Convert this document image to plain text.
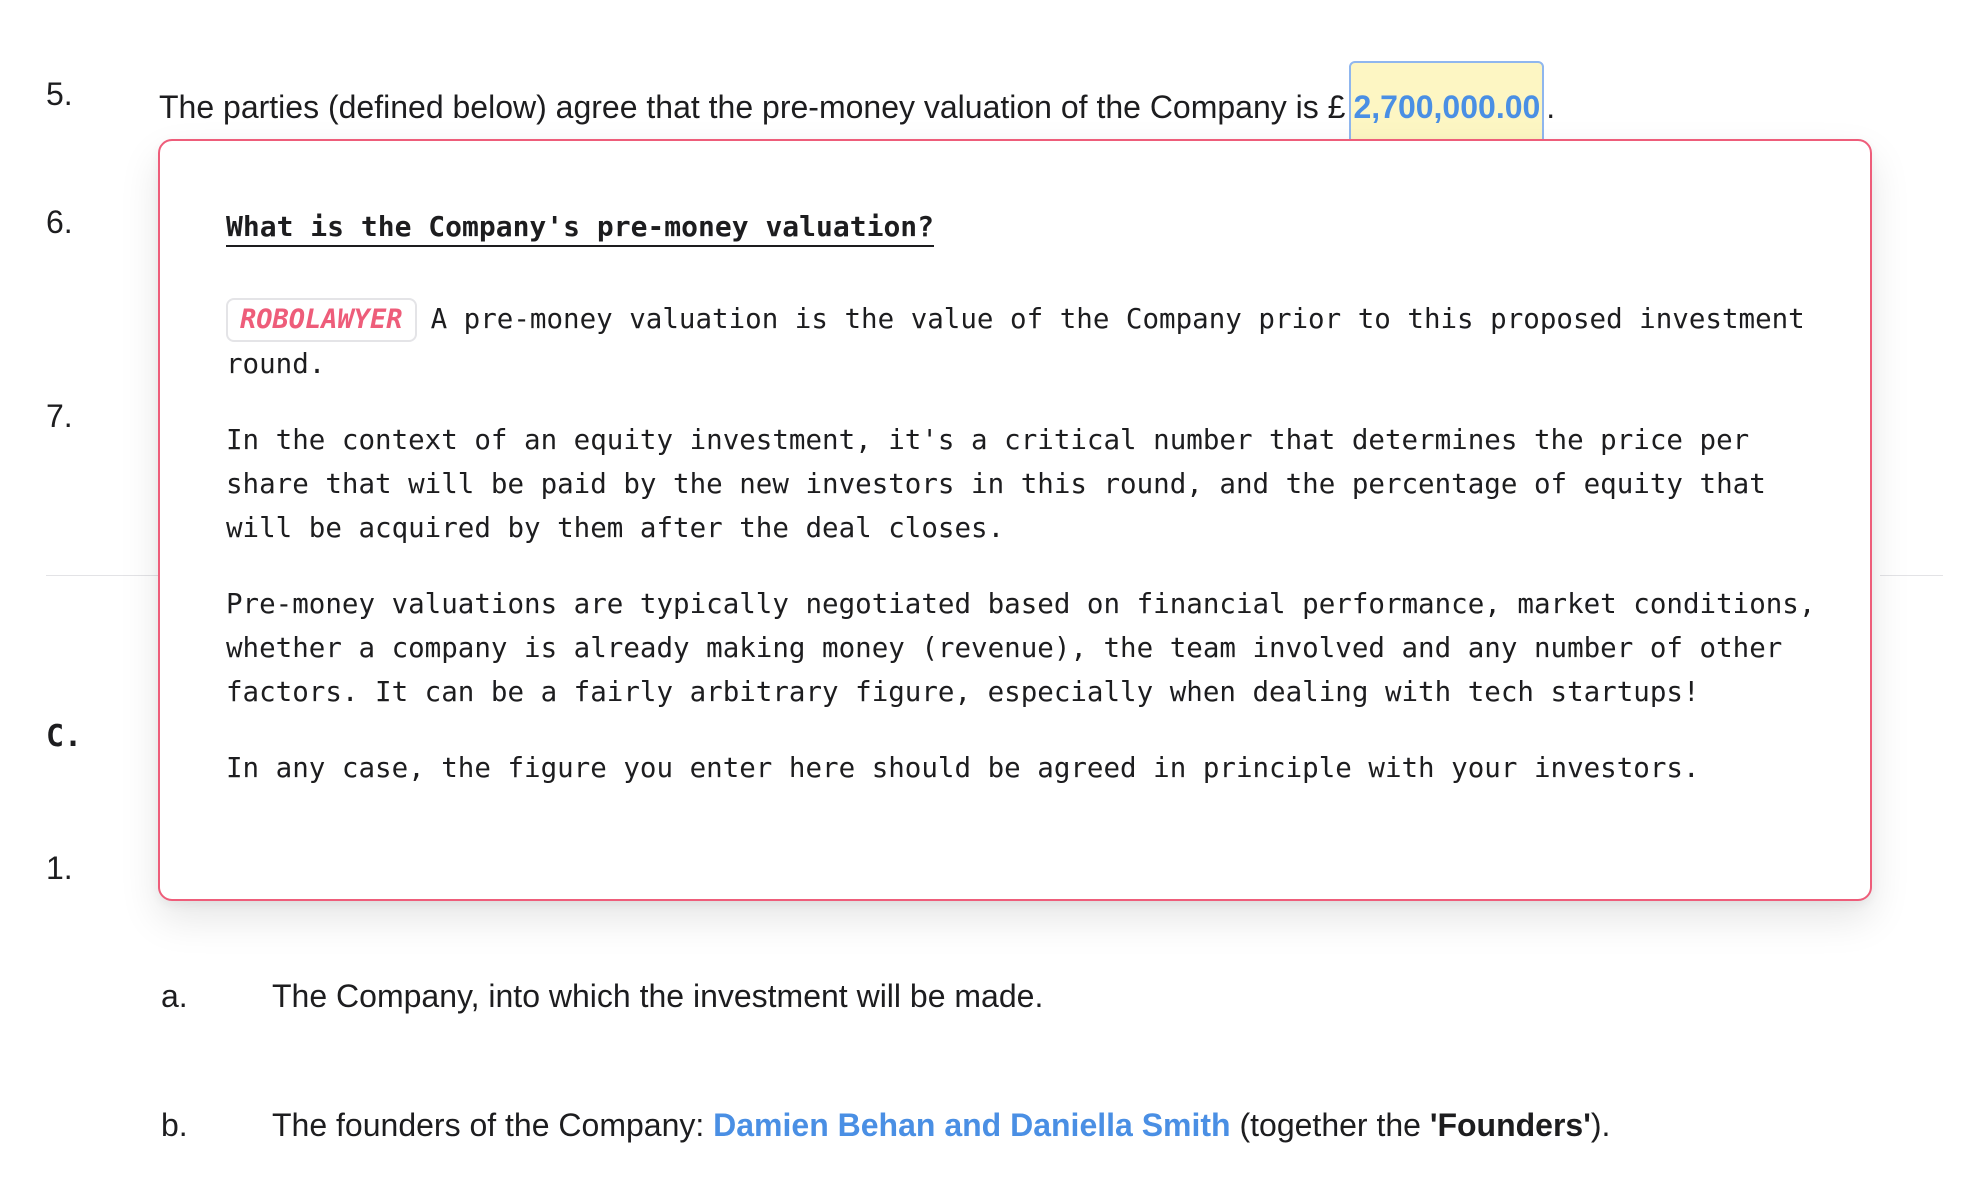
5.
6.
7.
C.
1.
The parties (defined below) agree that the pre-money valuation of the Company is £ 2,700,000.00 .
What is the Company's pre-money valuation?

ROBOLAWYER A pre-money valuation is the value of the Company prior to this proposed investment round.

In the context of an equity investment, it's a critical number that determines the price per share that will be paid by the new investors in this round, and the percentage of equity that will be acquired by them after the deal closes.

Pre-money valuations are typically negotiated based on financial performance, market conditions, whether a company is already making money (revenue), the team involved and any number of other factors. It can be a fairly arbitrary figure, especially when dealing with tech startups!

In any case, the figure you enter here should be agreed in principle with your investors.

a.	The Company, into which the investment will be made.
b.	The founders of the Company: Damien Behan and Daniella Smith (together the 'Founders').
